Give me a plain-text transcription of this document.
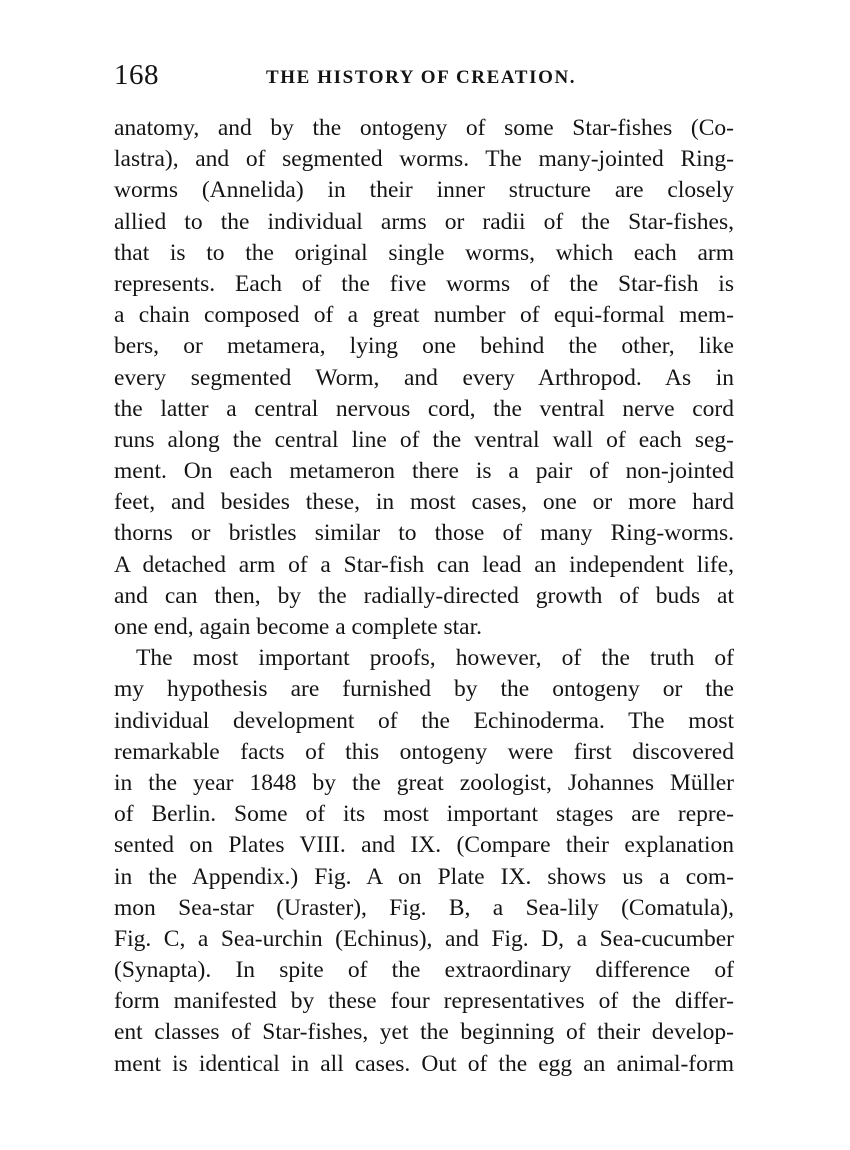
168	THE HISTORY OF CREATION.
anatomy, and by the ontogeny of some Star-fishes (Co-
lastra), and of segmented worms. The many-jointed Ring-
worms (Annelida) in their inner structure are closely
allied to the individual arms or radii of the Star-fishes,
that is to the original single worms, which each arm
represents. Each of the five worms of the Star-fish is
a chain composed of a great number of equi-formal mem-
bers, or metamera, lying one behind the other, like
every segmented Worm, and every Arthropod. As in
the latter a central nervous cord, the ventral nerve cord
runs along the central line of the ventral wall of each seg-
ment. On each metameron there is a pair of non-jointed
feet, and besides these, in most cases, one or more hard
thorns or bristles similar to those of many Ring-worms.
A detached arm of a Star-fish can lead an independent life,
and can then, by the radially-directed growth of buds at
one end, again become a complete star.
The most important proofs, however, of the truth of
my hypothesis are furnished by the ontogeny or the
individual development of the Echinoderma. The most
remarkable facts of this ontogeny were first discovered
in the year 1848 by the great zoologist, Johannes Müller
of Berlin. Some of its most important stages are repre-
sented on Plates VIII. and IX. (Compare their explanation
in the Appendix.) Fig. A on Plate IX. shows us a com-
mon Sea-star (Uraster), Fig. B, a Sea-lily (Comatula),
Fig. C, a Sea-urchin (Echinus), and Fig. D, a Sea-cucumber
(Synapta). In spite of the extraordinary difference of
form manifested by these four representatives of the differ-
ent classes of Star-fishes, yet the beginning of their develop-
ment is identical in all cases. Out of the egg an animal-form
